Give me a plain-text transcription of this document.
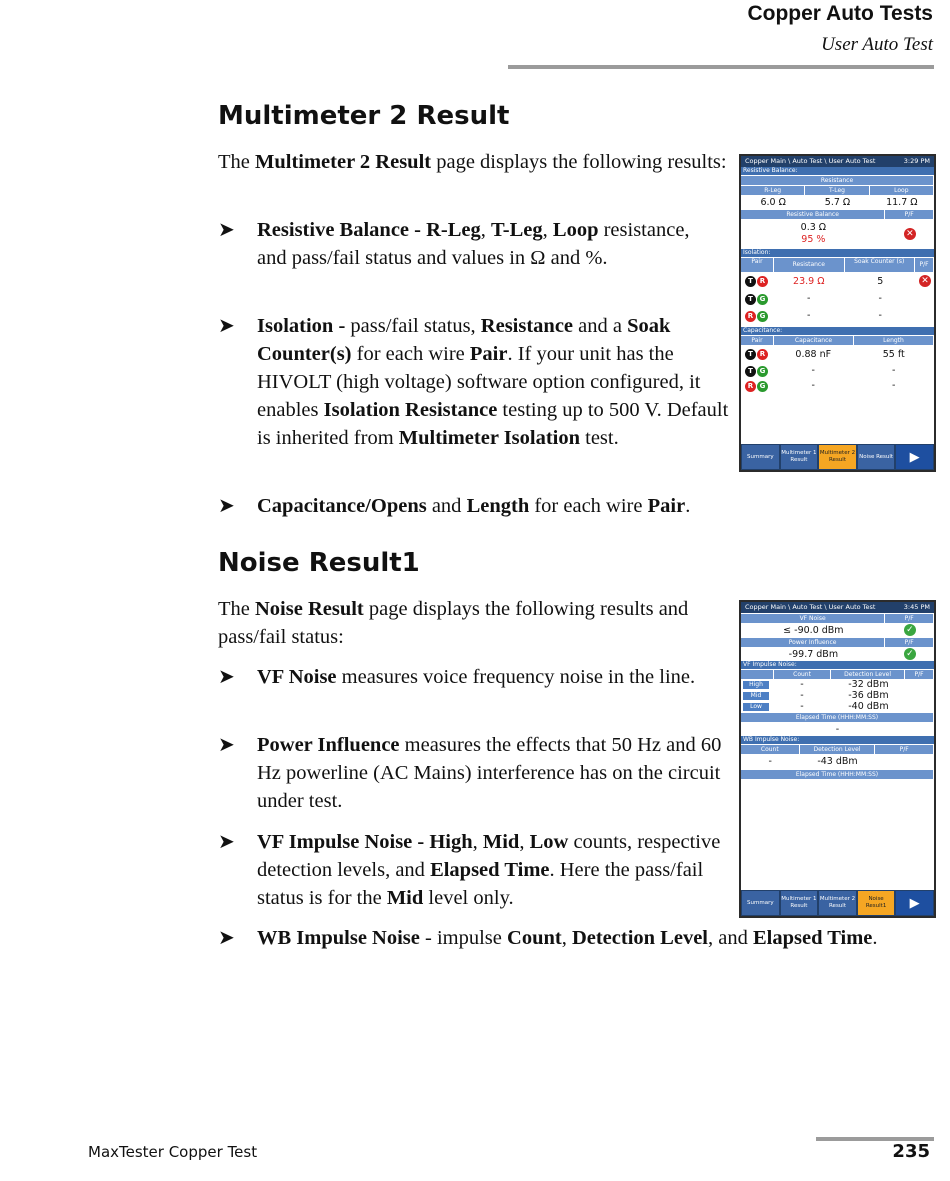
Copper Auto Tests
User Auto Test
Multimeter 2 Result

The Multimeter 2 Result page displays the following results:

➤ Resistive Balance - R-Leg, T-Leg, Loop resistance, and pass/fail status and values in Ω and %.
➤ Isolation - pass/fail status, Resistance and a Soak Counter(s) for each wire Pair. If your unit has the HIVOLT (high voltage) software option configured, it enables Isolation Resistance testing up to 500 V. Default is inherited from Multimeter Isolation test.
➤ Capacitance/Opens and Length for each wire Pair.
Copper Main \ Auto Test \ User Auto Test	3:29 PM
Resistive Balance:
Resistance
R-Leg	T-Leg	Loop
6.0 Ω	5.7 Ω	11.7 Ω
Resistive Balance	P/F
0.3 Ω
95 %	✕
Isolation:
Pair	Resistance	Soak Counter (s)	P/F
T R	23.9 Ω	5	✕
T G	-	-
R G	-	-
Capacitance:
Pair	Capacitance	Length
T R	0.88 nF	55 ft
T G	-	-
R G	-	-
Summary
Multimeter 1 Result
Multimeter 2 Result
Noise Result	▶
Noise Result1

The Noise Result page displays the following results and pass/fail status:

➤ VF Noise measures voice frequency noise in the line.
➤ Power Influence measures the effects that 50 Hz and 60 Hz powerline (AC Mains) interference has on the circuit under test.
➤ VF Impulse Noise - High, Mid, Low counts, respective detection levels, and Elapsed Time. Here the pass/fail status is for the Mid level only.
➤ WB Impulse Noise - impulse Count, Detection Level, and Elapsed Time.
Copper Main \ Auto Test \ User Auto Test	3:45 PM
VF Noise	P/F
≤ -90.0 dBm	✓
Power Influence	P/F
-99.7 dBm	✓
VF Impulse Noise:
Count	Detection Level	P/F
High	-	-32 dBm
Mid	-	-36 dBm
Low	-	-40 dBm
Elapsed Time (HHH:MM:SS)
-
WB Impulse Noise:
Count	Detection Level	P/F
-	-43 dBm
Elapsed Time (HHH:MM:SS)
Summary
Multimeter 1 Result
Multimeter 2 Result
Noise Result1	▶
MaxTester Copper Test	235
